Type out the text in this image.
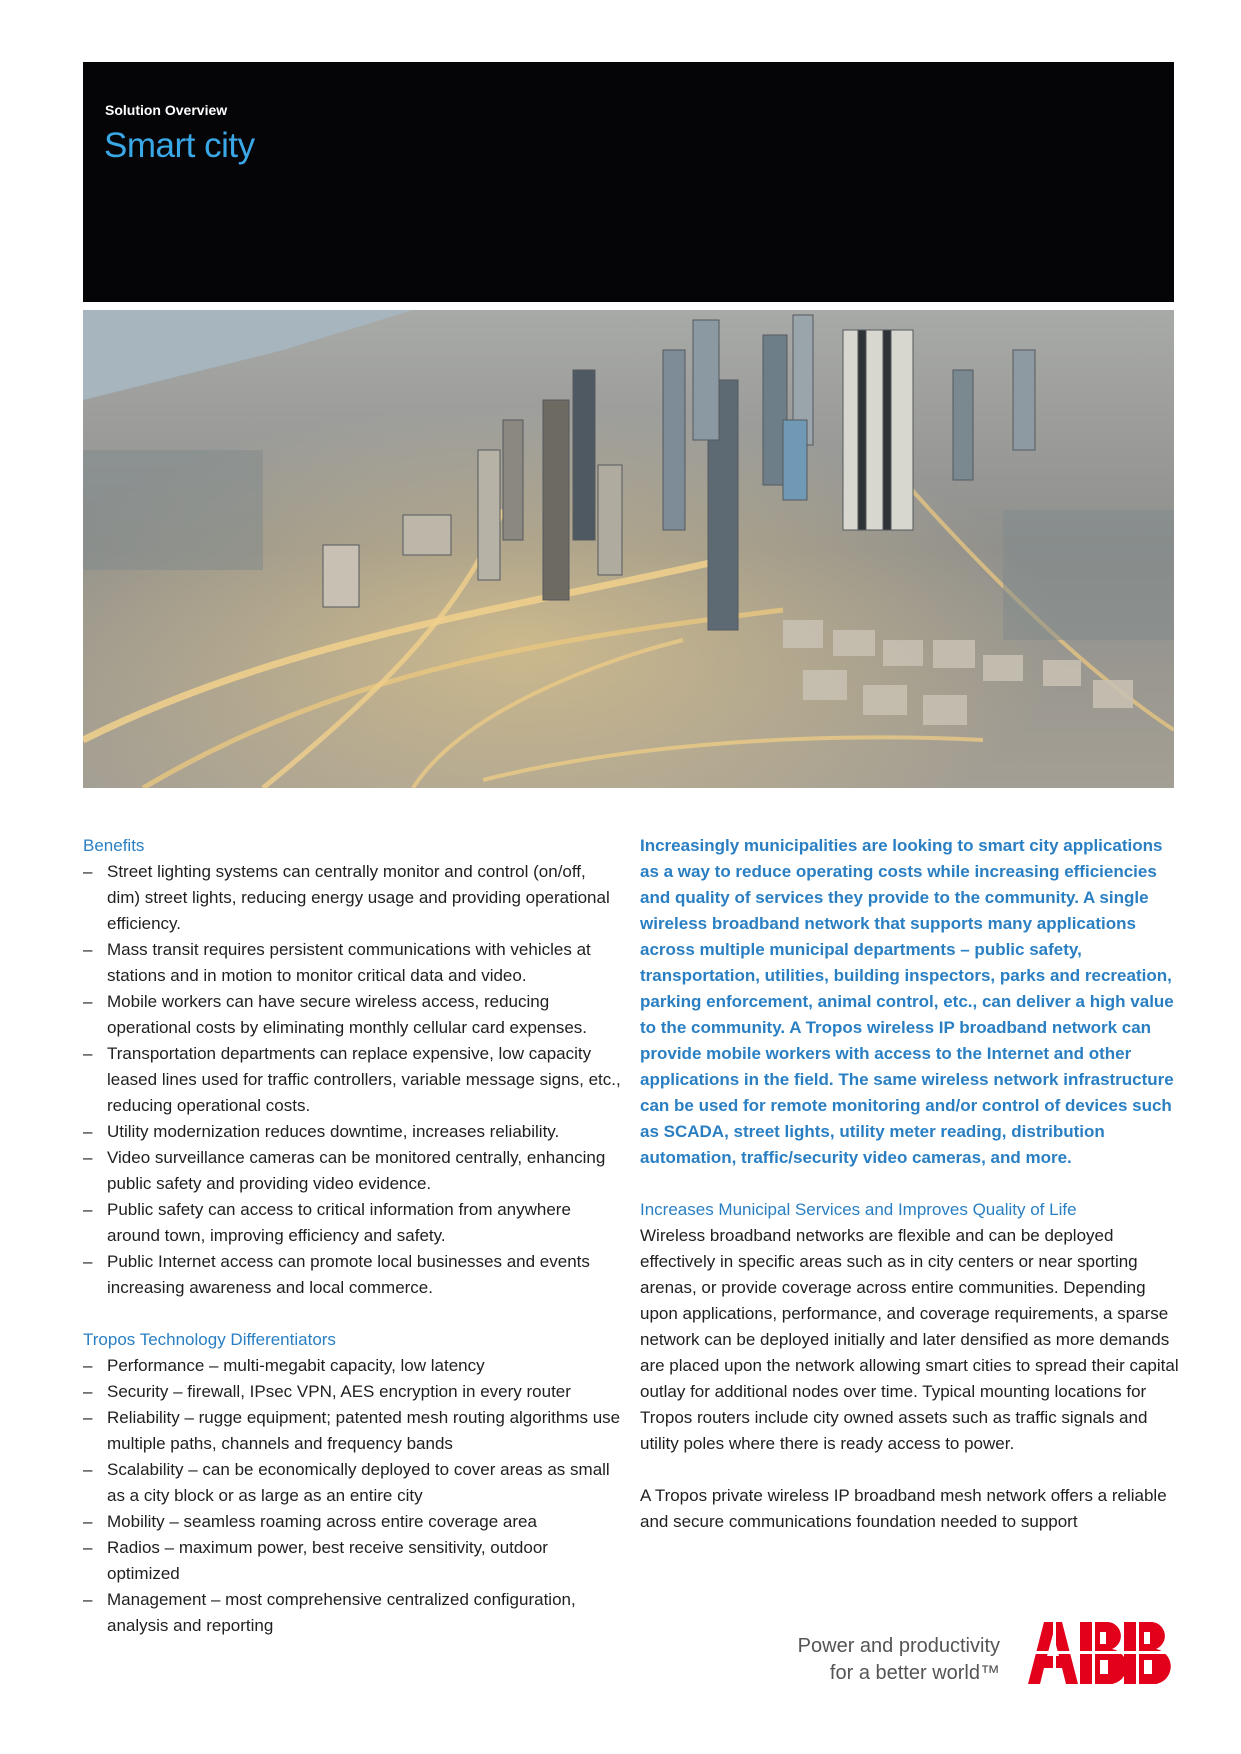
Solution Overview
Smart city
Benefits
– Street lighting systems can centrally monitor and control (on/off, dim) street lights, reducing energy usage and providing operational efficiency.
– Mass transit requires persistent communications with vehicles at stations and in motion to monitor critical data and video.
– Mobile workers can have secure wireless access, reducing operational costs by eliminating monthly cellular card expenses.
– Transportation departments can replace expensive, low capacity leased lines used for traffic controllers, variable message signs, etc., reducing operational costs.
– Utility modernization reduces downtime, increases reliability.
– Video surveillance cameras can be monitored centrally, enhancing public safety and providing video evidence.
– Public safety can access to critical information from anywhere around town, improving efficiency and safety.
– Public Internet access can promote local businesses and events increasing awareness and local commerce.
Tropos Technology Differentiators
– Performance – multi-megabit capacity, low latency
– Security – firewall, IPsec VPN, AES encryption in every router
– Reliability – rugge equipment; patented mesh routing algorithms use multiple paths, channels and frequency bands
– Scalability – can be economically deployed to cover areas as small as a city block or as large as an entire city
– Mobility – seamless roaming across entire coverage area
– Radios – maximum power, best receive sensitivity, outdoor optimized
– Management – most comprehensive centralized configuration, analysis and reporting

Increasingly municipalities are looking to smart city applications as a way to reduce operating costs while increasing efficiencies and quality of services they provide to the community. A single wireless broadband network that supports many applications across multiple municipal departments – public safety, transportation, utilities, building inspectors, parks and recreation, parking enforcement, animal control, etc., can deliver a high value to the community. A Tropos wireless IP broadband network can provide mobile workers with access to the Internet and other applications in the field. The same wireless network infrastructure can be used for remote monitoring and/or control of devices such as SCADA, street lights, utility meter reading, distribution automation, traffic/security video cameras, and more.

Increases Municipal Services and Improves Quality of Life

Wireless broadband networks are flexible and can be deployed effectively in specific areas such as in city centers or near sporting arenas, or provide coverage across entire communities. Depending upon applications, performance, and coverage requirements, a sparse network can be deployed initially and later densified as more demands are placed upon the network allowing smart cities to spread their capital outlay for additional nodes over time. Typical mounting locations for Tropos routers include city owned assets such as traffic signals and utility poles where there is ready access to power.

A Tropos private wireless IP broadband mesh network offers a reliable and secure communications foundation needed to support

Power and productivity
for a better world™
